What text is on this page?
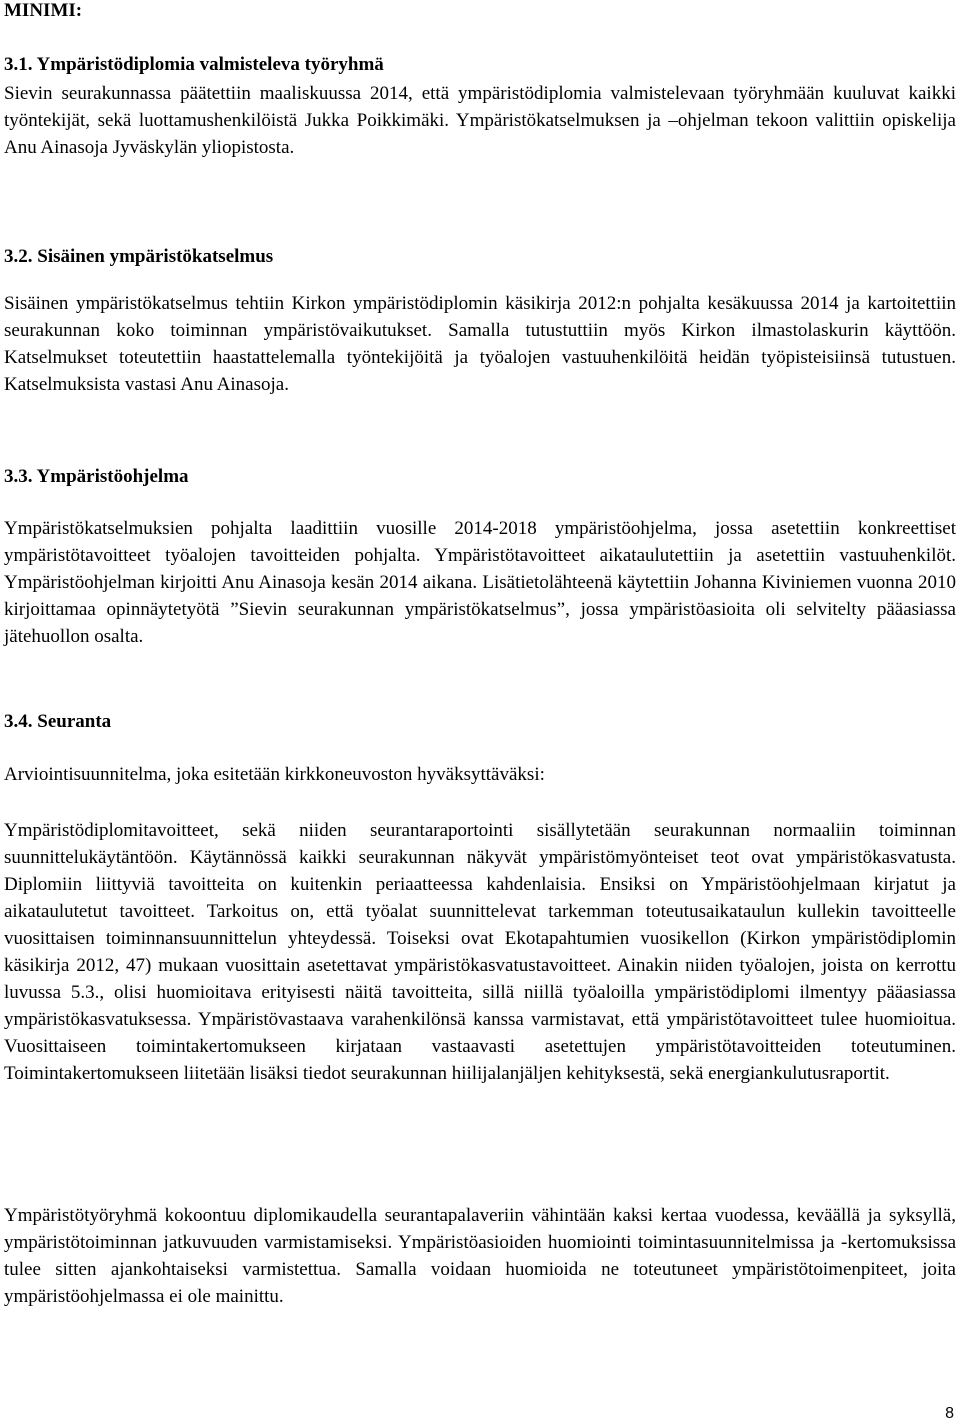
MINIMI:
3.1. Ympäristödiplomia valmisteleva työryhmä
Sievin seurakunnassa päätettiin maaliskuussa 2014, että ympäristödiplomia valmistelevaan työryhmään kuuluvat kaikki työntekijät, sekä luottamushenkilöistä Jukka Poikkimäki. Ympäristökatselmuksen ja –ohjelman tekoon valittiin opiskelija Anu Ainasoja Jyväskylän yliopistosta.
3.2. Sisäinen ympäristökatselmus
Sisäinen ympäristökatselmus tehtiin Kirkon ympäristödiplomin käsikirja 2012:n pohjalta kesäkuussa 2014 ja kartoitettiin seurakunnan koko toiminnan ympäristövaikutukset. Samalla tutustuttiin myös Kirkon ilmastolaskurin käyttöön. Katselmukset toteutettiin haastattelemalla työntekijöitä ja työalojen vastuuhenkilöitä heidän työpisteisiinsä tutustuen. Katselmuksista vastasi Anu Ainasoja.
3.3. Ympäristöohjelma
Ympäristökatselmuksien pohjalta laadittiin vuosille 2014-2018 ympäristöohjelma, jossa asetettiin konkreettiset ympäristötavoitteet työalojen tavoitteiden pohjalta. Ympäristötavoitteet aikataulutettiin ja asetettiin vastuuhenkilöt. Ympäristöohjelman kirjoitti Anu Ainasoja kesän 2014 aikana. Lisätietolähteenä käytettiin Johanna Kiviniemen vuonna 2010 kirjoittamaa opinnäytetyötä ”Sievin seurakunnan ympäristökatselmus”, jossa ympäristöasioita oli selvitelty pääasiassa jätehuollon osalta.
3.4. Seuranta
Arviointisuunnitelma, joka esitetään kirkkoneuvoston hyväksyttäväksi:
Ympäristödiplomitavoitteet, sekä niiden seurantaraportointi sisällytetään seurakunnan normaaliin toiminnan suunnittelukäytäntöön. Käytännössä kaikki seurakunnan näkyvät ympäristömyönteiset teot ovat ympäristökasvatusta. Diplomiin liittyviä tavoitteita on kuitenkin periaatteessa kahdenlaisia. Ensiksi on Ympäristöohjelmaan kirjatut ja aikataulutetut tavoitteet. Tarkoitus on, että työalat suunnittelevat tarkemman toteutusaikataulun kullekin tavoitteelle vuosittaisen toiminnansuunnittelun yhteydessä. Toiseksi ovat Ekotapahtumien vuosikellon (Kirkon ympäristödiplomin käsikirja 2012, 47) mukaan vuosittain asetettavat ympäristökasvatustavoitteet. Ainakin niiden työalojen, joista on kerrottu luvussa 5.3., olisi huomioitava erityisesti näitä tavoitteita, sillä niillä työaloilla ympäristödiplomi ilmentyy pääasiassa ympäristökasvatuksessa. Ympäristövastaava varahenkilönsä kanssa varmistavat, että ympäristötavoitteet tulee huomioitua. Vuosittaiseen toimintakertomukseen kirjataan vastaavasti asetettujen ympäristötavoitteiden toteutuminen. Toimintakertomukseen liitetään lisäksi tiedot seurakunnan hiilijalanjäljen kehityksestä, sekä energiankulutusraportit.
Ympäristötyöryhmä kokoontuu diplomikaudella seurantapalaveriin vähintään kaksi kertaa vuodessa, keväällä ja syksyllä, ympäristötoiminnan jatkuvuuden varmistamiseksi. Ympäristöasioiden huomiointi toimintasuunnitelmissa ja -kertomuksissa tulee sitten ajankohtaiseksi varmistettua. Samalla voidaan huomioida ne toteutuneet ympäristötoimenpiteet, joita ympäristöohjelmassa ei ole mainittu.
8
